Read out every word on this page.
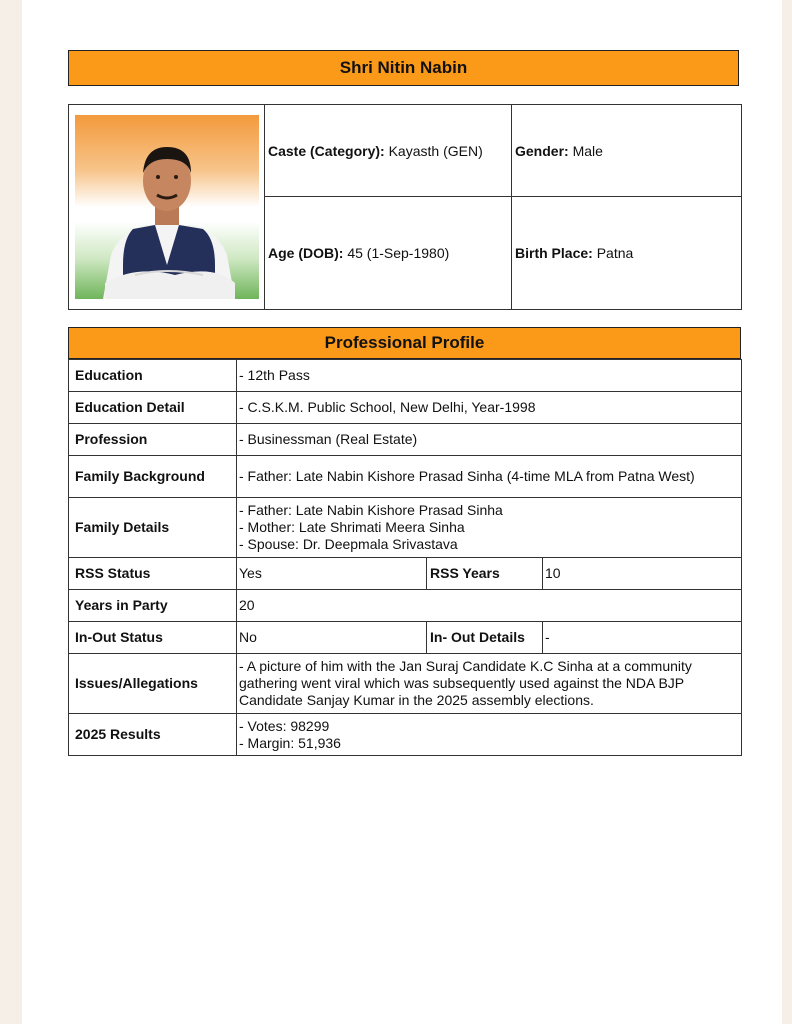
Shri Nitin Nabin
	Caste (Category): Kayasth (GEN)	Gender: Male
	Age (DOB): 45 (1-Sep-1980)	Birth Place: Patna
Professional Profile
Education	- 12th Pass		
Education Detail	- C.S.K.M. Public School, New Delhi, Year-1998		
Profession	- Businessman (Real Estate)		
Family Background	- Father: Late Nabin Kishore Prasad Sinha (4-time MLA from Patna West)		
Family Details	- Father: Late Nabin Kishore Prasad Sinha
- Mother: Late Shrimati Meera Sinha
- Spouse: Dr. Deepmala Srivastava		

RSS Status	Yes	RSS Years	10
Years in Party	20		
In-Out Status	No	In- Out Details	-
Issues/Allegations	- A picture of him with the Jan Suraj Candidate K.C Sinha at a community gathering went viral which was subsequently used against the NDA BJP Candidate Sanjay Kumar in the 2025 assembly elections.		
2025 Results	- Votes: 98299
- Margin: 51,936		
